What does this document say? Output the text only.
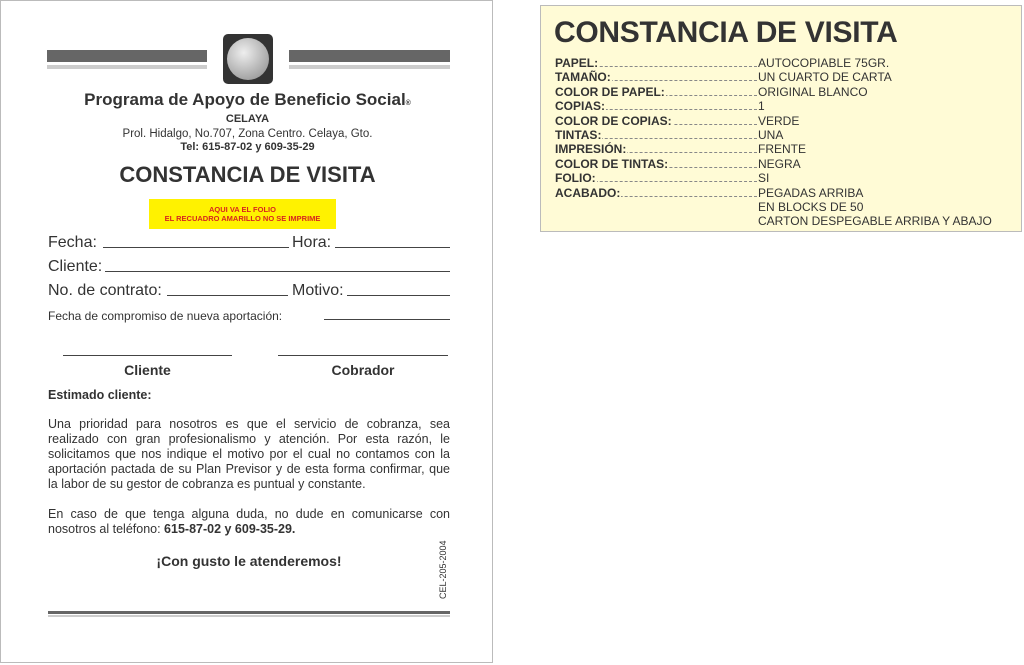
Programa de Apoyo de Beneficio Social®
CELAYA
Prol. Hidalgo, No.707, Zona Centro. Celaya, Gto.
Tel: 615-87-02 y 609-35-29
CONSTANCIA DE VISITA
AQUI VA EL FOLIO
EL RECUADRO AMARILLO NO SE IMPRIME
Fecha:	Hora:
Cliente:
No. de contrato:	Motivo:
Fecha de compromiso de nueva aportación:
Cliente	Cobrador
Estimado cliente:

Una prioridad para nosotros es que el servicio de cobranza, sea realizado con gran profesionalismo y atención. Por esta razón, le solicitamos que nos indique el motivo por el cual no contamos con la aportación pactada de su Plan Previsor y de esta forma confirmar, que la labor de su gestor de cobranza es puntual y constante.

En caso de que tenga alguna duda, no dude en comunicarse con nosotros al teléfono: 615-87-02 y 609-35-29.

¡Con gusto le atenderemos!	CEL-205-2004
CONSTANCIA DE VISITA
PAPEL:	AUTOCOPIABLE 75GR.
TAMAÑO:	UN CUARTO DE CARTA
COLOR DE PAPEL:	ORIGINAL BLANCO
COPIAS:	1
COLOR DE COPIAS:	VERDE
TINTAS:	UNA
IMPRESIÓN:	FRENTE
COLOR DE TINTAS:	NEGRA
FOLIO:	SI
ACABADO:	PEGADAS ARRIBA
EN BLOCKS DE 50
CARTON DESPEGABLE ARRIBA Y ABAJO
